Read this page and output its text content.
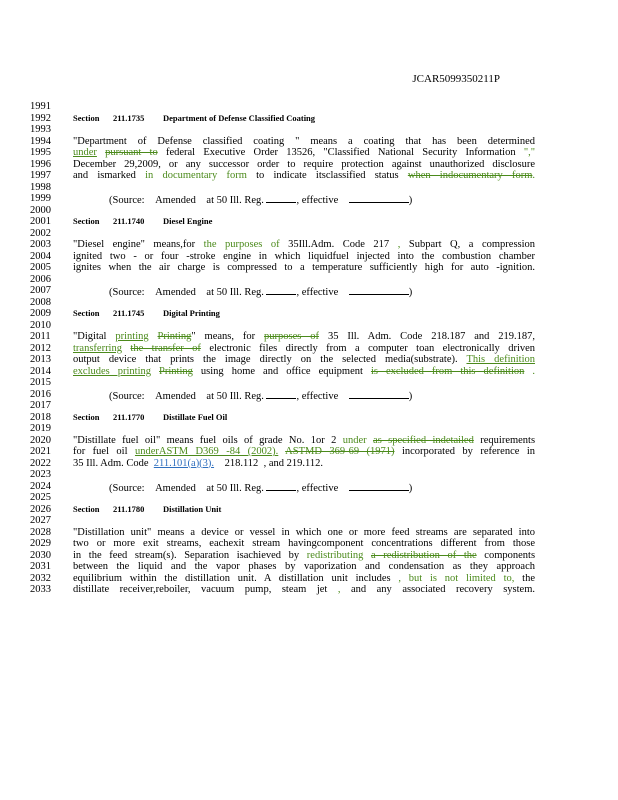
JCAR5099350211P
1991
1992
1993
1994
1995
1996
1997
1998
1999
2000
2001
2002
2003
2004
2005
2006
2007
2008
2009
2010
2011
2012
2013
2014
2015
2016
2017
2018
2019
2020
2021
2022
2023
2024
2025
2026
2027
2028
2029
2030
2031
2032
2033
Section 211.1735 Department of Defense Classified Coating
"Department of Defense classified coating " means a coating that has been determined
under pursuant to federal Executive Order 13526, "Classified National Security Information ","
December 29,2009, or any successor order to require protection against unauthorized disclosure
and ismarked in documentary form to indicate itsclassified status when indocumentary form.
(Source: Amended at 50 Ill. Reg.	, effective	)
Section 211.1740 Diesel Engine
"Diesel engine" means,for the purposes of 35Ill.Adm. Code 217 , Subpart Q, a compression
ignited two - or four -stroke engine in which liquidfuel injected into the combustion chamber
ignites when the air charge is compressed to a temperature sufficiently high for auto -ignition.
(Source: Amended at 50 Ill. Reg.	, effective	)
Section 211.1745 Digital Printing
"Digital printing Printing" means, for purposes of 35 Ill. Adm. Code 218.187 and 219.187,
transferring the transfer of electronic files directly from a computer toan electronically driven
output device that prints the image directly on the selected media(substrate). This definition
excludes printing Printing using home and office equipment is excluded from this definition .
(Source: Amended at 50 Ill. Reg.	, effective	)
Section 211.1770 Distillate Fuel Oil
"Distillate fuel oil" means fuel oils of grade No. 1or 2 under as specified indetailed requirements
for fuel oil underASTM D369 -84 (2002). ASTMD 369-69 (1971) incorporated by reference in
35 Ill. Adm. Code 211.101(a)(3). 218.112 , and 219.112.
(Source: Amended at 50 Ill. Reg.	, effective	)
Section 211.1780 Distillation Unit
"Distillation unit" means a device or vessel in which one or more feed streams are separated into
two or more exit streams, eachexit stream havingcomponent concentrations different from those
in the feed stream(s). Separation isachieved by redistributing a redistribution of the components
between the liquid and the vapor phases by vaporization and condensation as they approach
equilibrium within the distillation unit. A distillation unit includes , but is not limited to, the
distillate receiver,reboiler, vacuum pump, steam jet , and any associated recovery system.
